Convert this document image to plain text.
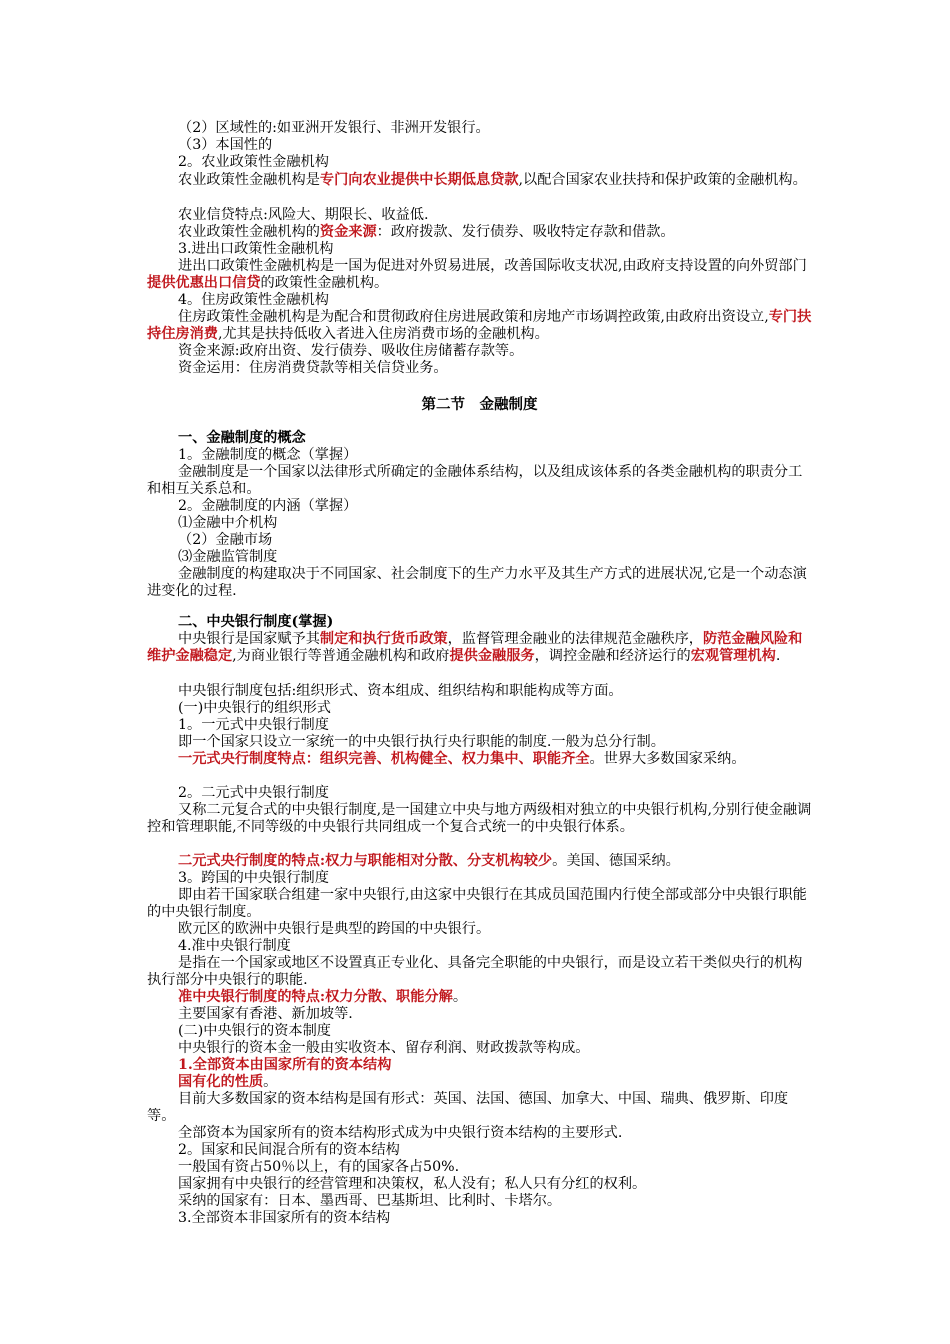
（2）区域性的:如亚洲开发银行、非洲开发银行。
（3）本国性的
2。农业政策性金融机构
农业政策性金融机构是专门向农业提供中长期低息贷款,以配合国家农业扶持和保护政策的金融机构。
农业信贷特点:风险大、期限长、收益低.
农业政策性金融机构的资金来源：政府拨款、发行债券、吸收特定存款和借款。
3.进出口政策性金融机构
进出口政策性金融机构是一国为促进对外贸易进展，改善国际收支状况,由政府支持设置的向外贸部门提供优惠出口信贷的政策性金融机构。
4。住房政策性金融机构
住房政策性金融机构是为配合和贯彻政府住房进展政策和房地产市场调控政策,由政府出资设立,专门扶持住房消费,尤其是扶持低收入者进入住房消费市场的金融机构。
资金来源:政府出资、发行债券、吸收住房储蓄存款等。
资金运用：住房消费贷款等相关信贷业务。
第二节　金融制度
一、金融制度的概念
1。金融制度的概念（掌握）
金融制度是一个国家以法律形式所确定的金融体系结构，以及组成该体系的各类金融机构的职责分工和相互关系总和。
2。金融制度的内涵（掌握）
⑴金融中介机构
（2）金融市场
⑶金融监管制度
金融制度的构建取决于不同国家、社会制度下的生产力水平及其生产方式的进展状况,它是一个动态演进变化的过程.
二、中央银行制度(掌握)
中央银行是国家赋予其制定和执行货币政策，监督管理金融业的法律规范金融秩序，防范金融风险和维护金融稳定,为商业银行等普通金融机构和政府提供金融服务，调控金融和经济运行的宏观管理机构.
中央银行制度包括:组织形式、资本组成、组织结构和职能构成等方面。
(一)中央银行的组织形式
1。一元式中央银行制度
即一个国家只设立一家统一的中央银行执行央行职能的制度.一般为总分行制。
一元式央行制度特点：组织完善、机构健全、权力集中、职能齐全。世界大多数国家采纳。
2。二元式中央银行制度
又称二元复合式的中央银行制度,是一国建立中央与地方两级相对独立的中央银行机构,分别行使金融调控和管理职能,不同等级的中央银行共同组成一个复合式统一的中央银行体系。
二元式央行制度的特点:权力与职能相对分散、分支机构较少。美国、德国采纳。
3。跨国的中央银行制度
即由若干国家联合组建一家中央银行,由这家中央银行在其成员国范围内行使全部或部分中央银行职能的中央银行制度。
欧元区的欧洲中央银行是典型的跨国的中央银行。
4.准中央银行制度
是指在一个国家或地区不设置真正专业化、具备完全职能的中央银行，而是设立若干类似央行的机构执行部分中央银行的职能.
准中央银行制度的特点:权力分散、职能分解。
主要国家有香港、新加坡等.
(二)中央银行的资本制度
中央银行的资本金一般由实收资本、留存利润、财政拨款等构成。
1.全部资本由国家所有的资本结构
国有化的性质。
目前大多数国家的资本结构是国有形式：英国、法国、德国、加拿大、中国、瑞典、俄罗斯、印度等。
全部资本为国家所有的资本结构形式成为中央银行资本结构的主要形式.
2。国家和民间混合所有的资本结构
一般国有资占50％以上，有的国家各占50%.
国家拥有中央银行的经营管理和决策权，私人没有；私人只有分红的权利。
采纳的国家有：日本、墨西哥、巴基斯坦、比利时、卡塔尔。
3.全部资本非国家所有的资本结构
